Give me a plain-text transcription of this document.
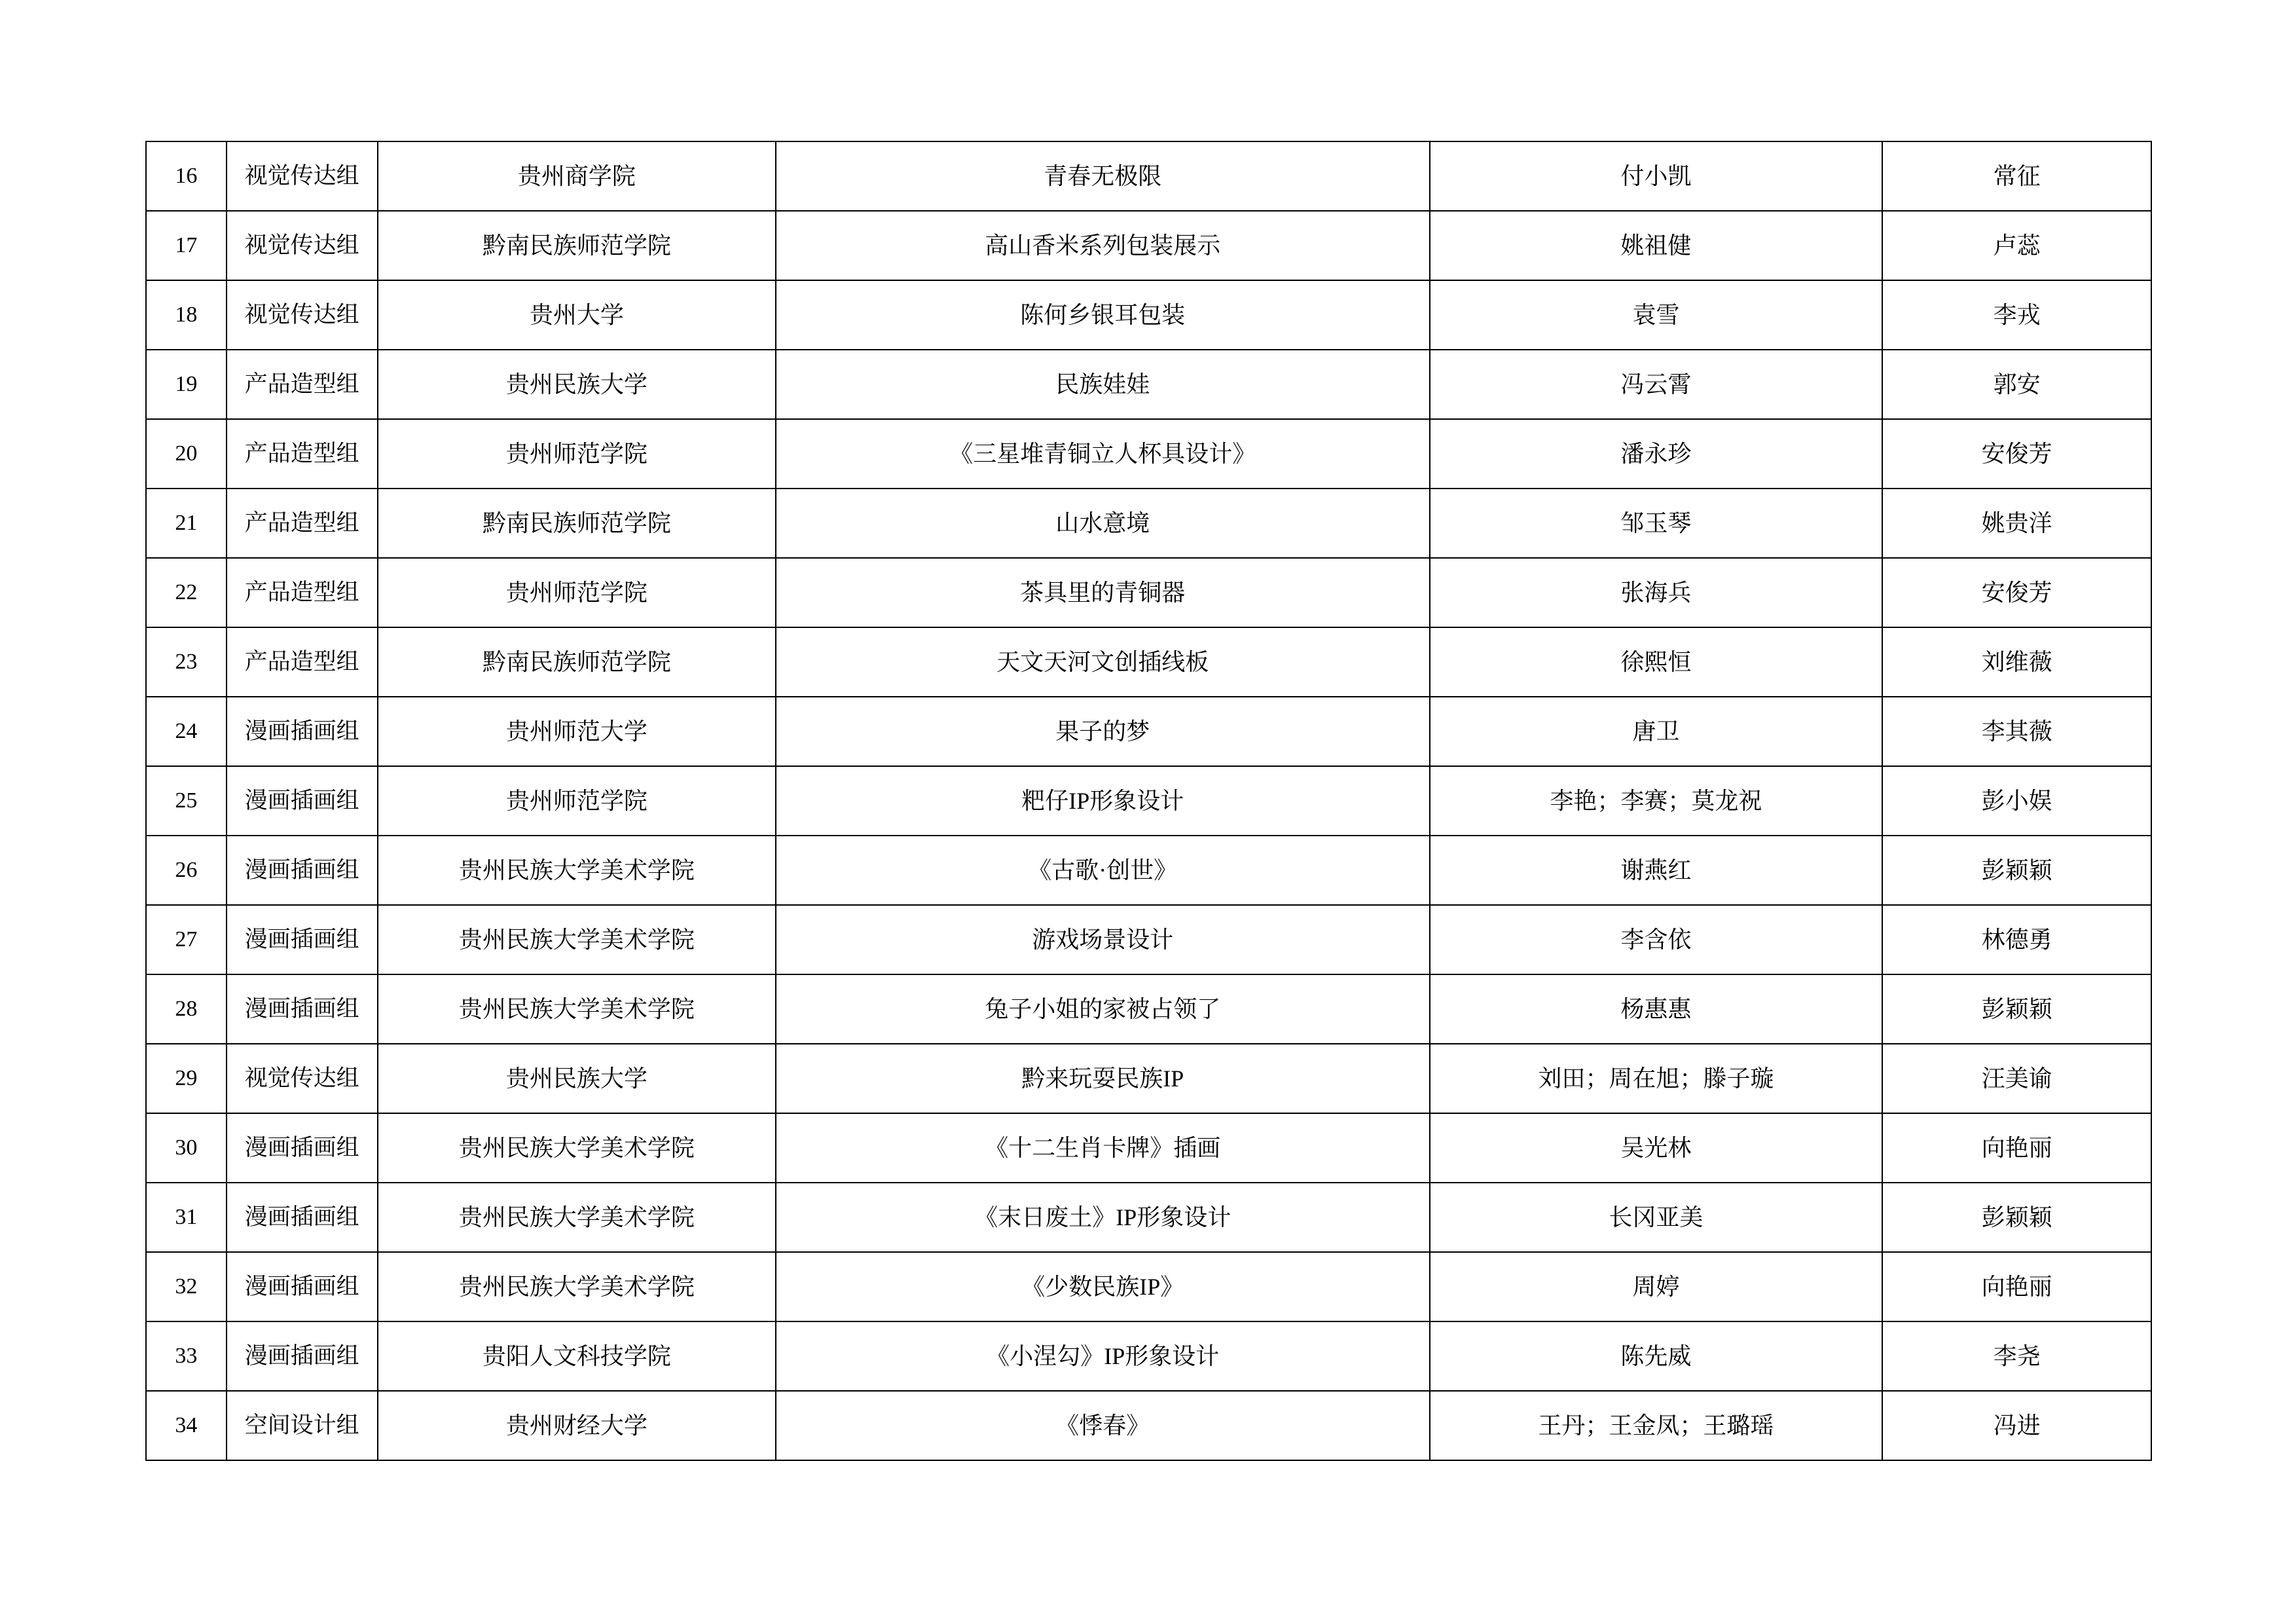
16	视觉传达组	贵州商学院	青春无极限	付小凯	常征
17	视觉传达组	黔南民族师范学院	高山香米系列包装展示	姚祖健	卢蕊
18	视觉传达组	贵州大学	陈何乡银耳包装	袁雪	李戎
19	产品造型组	贵州民族大学	民族娃娃	冯云霄	郭安
20	产品造型组	贵州师范学院	《三星堆青铜立人杯具设计》	潘永珍	安俊芳
21	产品造型组	黔南民族师范学院	山水意境	邹玉琴	姚贵洋
22	产品造型组	贵州师范学院	茶具里的青铜器	张海兵	安俊芳
23	产品造型组	黔南民族师范学院	天文天河文创插线板	徐熙恒	刘维薇
24	漫画插画组	贵州师范大学	果子的梦	唐卫	李其薇
25	漫画插画组	贵州师范学院	粑仔IP形象设计	李艳；李赛；莫龙祝	彭小娱
26	漫画插画组	贵州民族大学美术学院	《古歌·创世》	谢燕红	彭颖颖
27	漫画插画组	贵州民族大学美术学院	游戏场景设计	李含依	林德勇
28	漫画插画组	贵州民族大学美术学院	兔子小姐的家被占领了	杨惠惠	彭颖颖
29	视觉传达组	贵州民族大学	黔来玩耍民族IP	刘田；周在旭；滕子璇	汪美谕
30	漫画插画组	贵州民族大学美术学院	《十二生肖卡牌》插画	吴光林	向艳丽
31	漫画插画组	贵州民族大学美术学院	《末日废土》IP形象设计	长冈亚美	彭颖颖
32	漫画插画组	贵州民族大学美术学院	《少数民族IP》	周婷	向艳丽
33	漫画插画组	贵阳人文科技学院	《小涅勾》IP形象设计	陈先威	李尧
34	空间设计组	贵州财经大学	《悸春》	王丹；王金凤；王璐瑶	冯进
